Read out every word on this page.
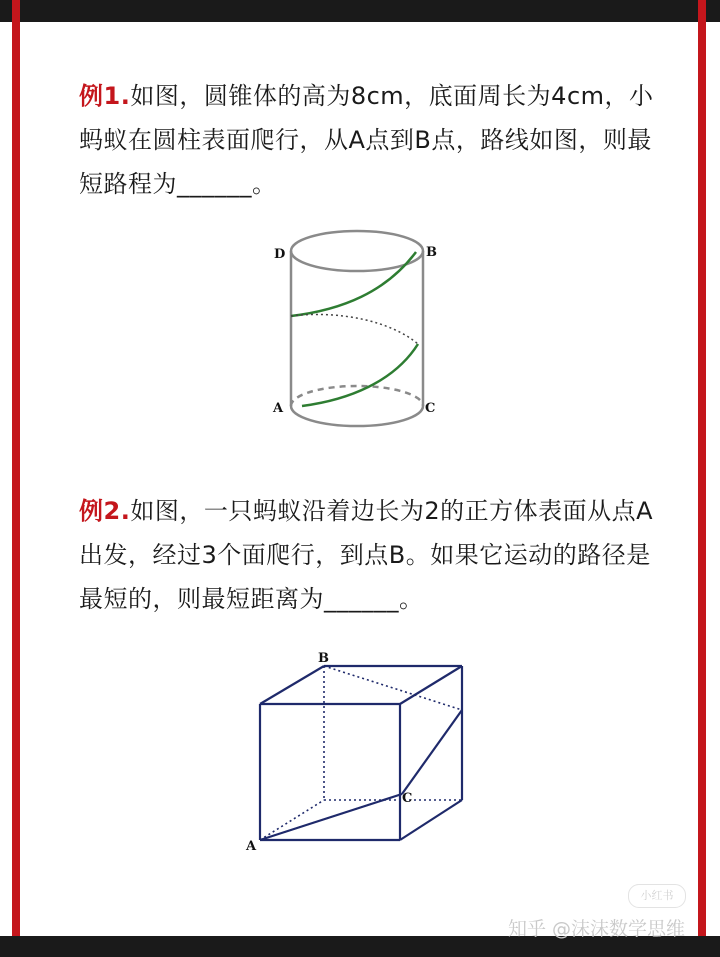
例1.如图，圆锥体的高为8cm，底面周长为4cm，小蚂蚁在圆柱表面爬行，从A点到B点，路线如图，则最短路程为______。

D	B
A	C

例2.如图，一只蚂蚁沿着边长为2的正方体表面从点A出发，经过3个面爬行，到点B。如果它运动的路径是最短的，则最短距离为______。

B
C
A
小红书
知乎 @沫沫数学思维
